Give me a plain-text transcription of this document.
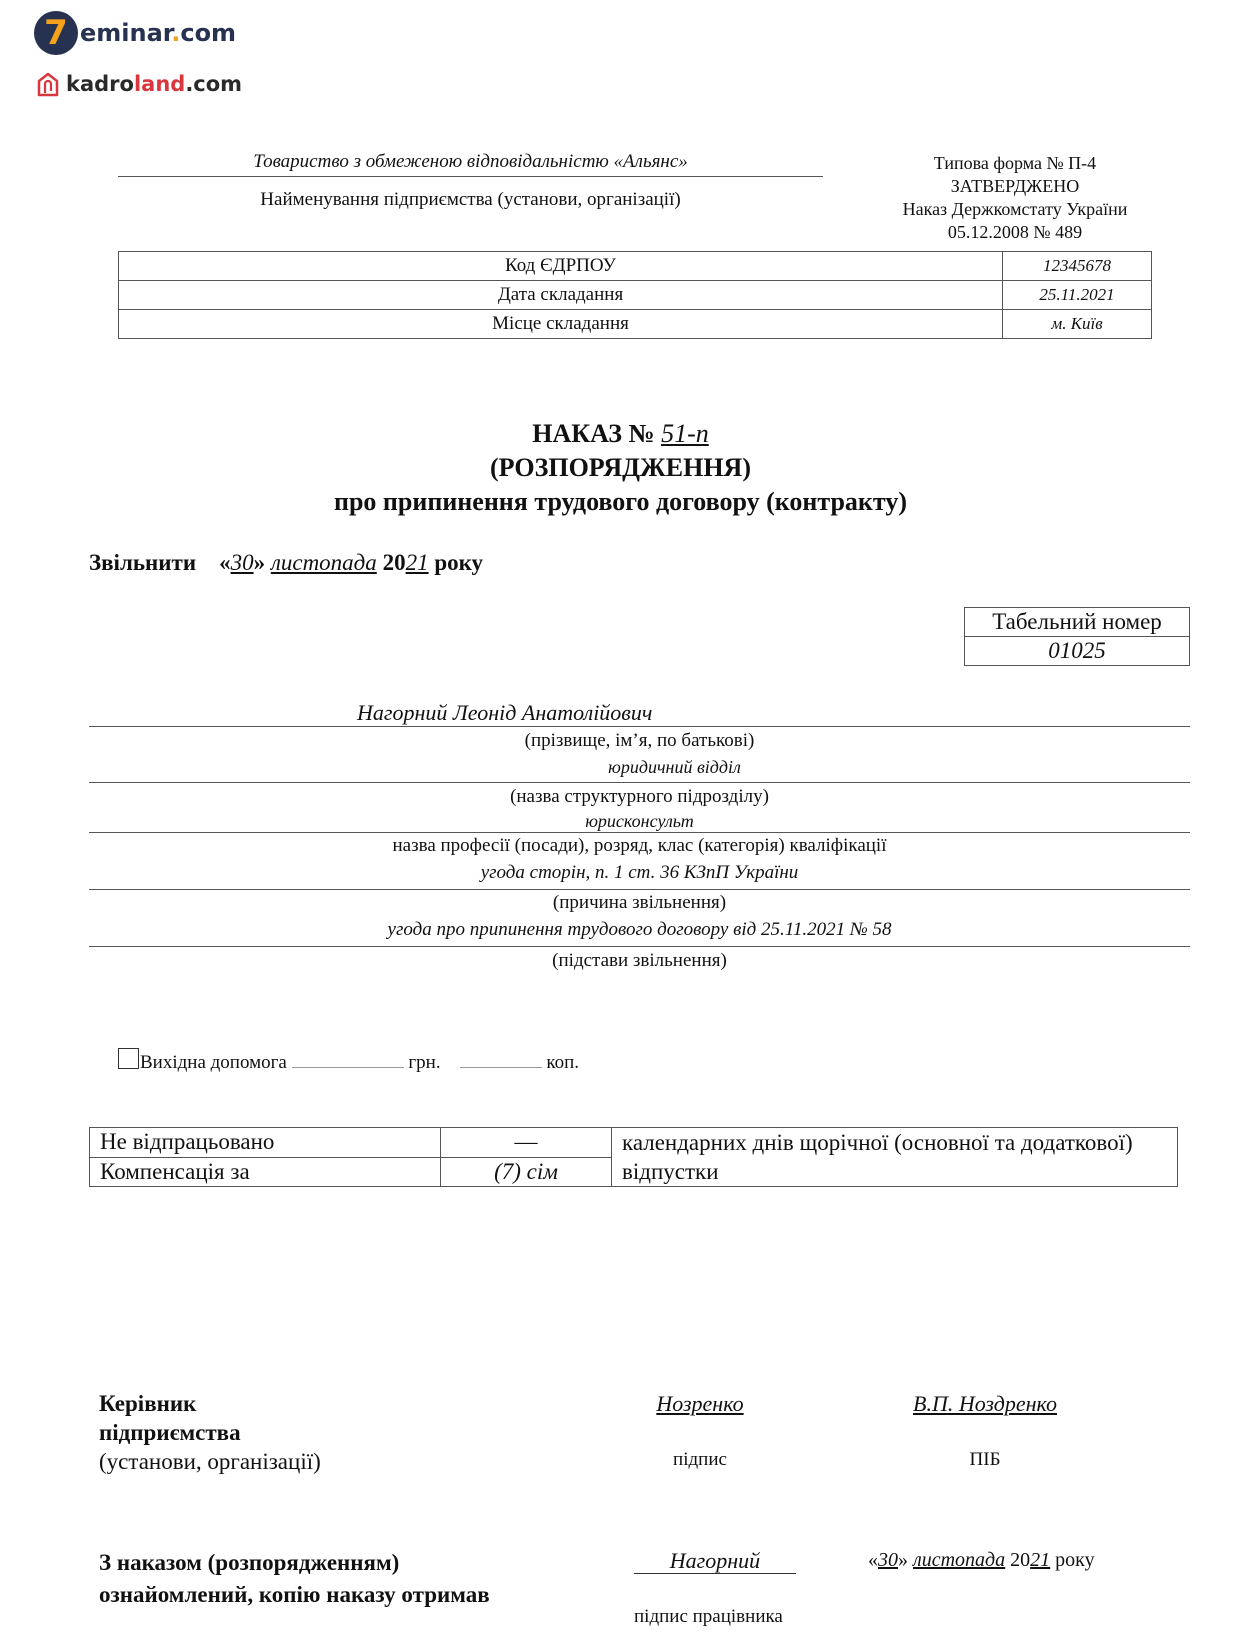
7 eminar.com
kadroland.com
Товариство з обмеженою відповідальністю «Альянс»
Найменування підприємства (установи, організації)
Типова форма № П-4
ЗАТВЕРДЖЕНО
Наказ Держкомстату України
05.12.2008 № 489
Код ЄДРПОУ	12345678
Дата складання	25.11.2021
Місце складання	м. Київ
НАКАЗ № 51-п
(РОЗПОРЯДЖЕННЯ)
про припинення трудового договору (контракту)
Звільнити «30» листопада 2021 року
Табельний номер
01025
Нагорний Леонід Анатолійович
(прізвище, ім’я, по батькові)
юридичний відділ
(назва структурного підрозділу)
юрисконсульт
назва професії (посади), розряд, клас (категорія) кваліфікації
угода сторін, п. 1 ст. 36 КЗпП України
(причина звільнення)
угода про припинення трудового договору від 25.11.2021 № 58
(підстави звільнення)
Вихідна допомога	грн.	коп.
Не відпрацьовано	—	календарних днів щорічної (основної та додаткової) відпустки
Компенсація за	(7) сім	
Керівник
підприємства
(установи, організації)
Нозренко
підпис
В.П. Ноздренко
ПІБ
З наказом (розпорядженням)
ознайомлений, копію наказу отримав
Нагорний
підпис працівника
«30» листопада 2021 року
